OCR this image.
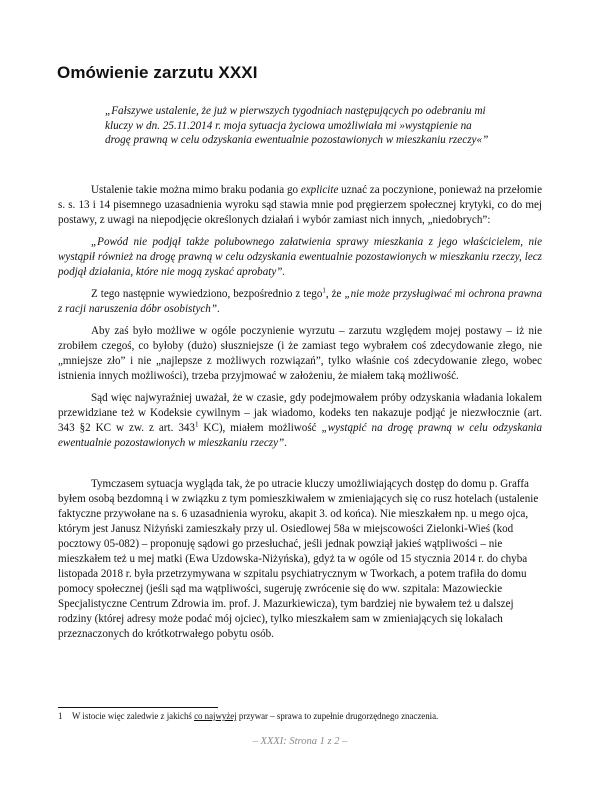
Omówienie zarzutu XXXI
„Fałszywe ustalenie, że już w pierwszych tygodniach następujących po odebraniu mi kluczy w dn. 25.11.2014 r. moja sytuacja życiowa umożliwiała mi »wystąpienie na drogę prawną w celu odzyskania ewentualnie pozostawionych w mieszkaniu rzeczy«”

Ustalenie takie można mimo braku podania go explicite uznać za poczynione, ponieważ na przełomie s. s. 13 i 14 pisemnego uzasadnienia wyroku sąd stawia mnie pod pręgierzem społecznej krytyki, co do mej postawy, z uwagi na niepodjęcie określonych działań i wybór zamiast nich innych, „niedobrych”:

„Powód nie podjął także polubownego załatwienia sprawy mieszkania z jego właścicielem, nie wystąpił również na drogę prawną w celu odzyskania ewentualnie pozostawionych w mieszkaniu rzeczy, lecz podjął działania, które nie mogą zyskać aprobaty”.

Z tego następnie wywiedziono, bezpośrednio z tego$^1$, że „nie może przysługiwać mi ochrona prawna z racji naruszenia dóbr osobistych”.

Aby zaś było możliwe w ogóle poczynienie wyrzutu – zarzutu względem mojej postawy – iż nie zrobiłem czegoś, co byłoby (dużo) słuszniejsze (i że zamiast tego wybrałem coś zdecydowanie złego, nie „mniejsze zło” i nie „najlepsze z możliwych rozwiązań”, tylko właśnie coś zdecydowanie złego, wobec istnienia innych możliwości), trzeba przyjmować w założeniu, że miałem taką możliwość.

Sąd więc najwyraźniej uważał, że w czasie, gdy podejmowałem próby odzyskania władania lokalem przewidziane też w Kodeksie cywilnym – jak wiadomo, kodeks ten nakazuje podjąć je niezwłocznie (art. 343 §2 KC w zw. z art. $343^1$ KC), miałem możliwość „wystąpić na drogę prawną w celu odzyskania ewentualnie pozostawionych w mieszkaniu rzeczy”.

Tymczasem sytuacja wygląda tak, że po utracie kluczy umożliwiających dostęp do domu p. Graffa byłem osobą bezdomną i w związku z tym pomieszkiwałem w zmieniających się co rusz hotelach (ustalenie faktyczne przywołane na s. 6 uzasadnienia wyroku, akapit 3. od końca). Nie mieszkałem np. u mego ojca, którym jest Janusz Niżyński zamieszkały przy ul. Osiedlowej 58a w miejscowości Zielonki-Wieś (kod pocztowy 05-082) – proponuję sądowi go przesłuchać, jeśli jednak powziął jakieś wątpliwości – nie mieszkałem też u mej matki (Ewa Uzdowska-Niżyńska), gdyż ta w ogóle od 15 stycznia 2014 r. do chyba listopada 2018 r. była przetrzymywana w szpitalu psychiatrycznym w Tworkach, a potem trafiła do domu pomocy społecznej (jeśli sąd ma wątpliwości, sugeruję zwrócenie się do ww. szpitala: Mazowieckie Specjalistyczne Centrum Zdrowia im. prof. J. Mazurkiewicza), tym bardziej nie bywałem też u dalszej rodziny (której adresy może podać mój ojciec), tylko mieszkałem sam w zmieniających się lokalach przeznaczonych do krótkotrwałego pobytu osób.

1 W istocie więc zaledwie z jakichś co najwyżej przywar – sprawa to zupełnie drugorzędnego znaczenia.
– XXXI: Strona 1 z 2 –
